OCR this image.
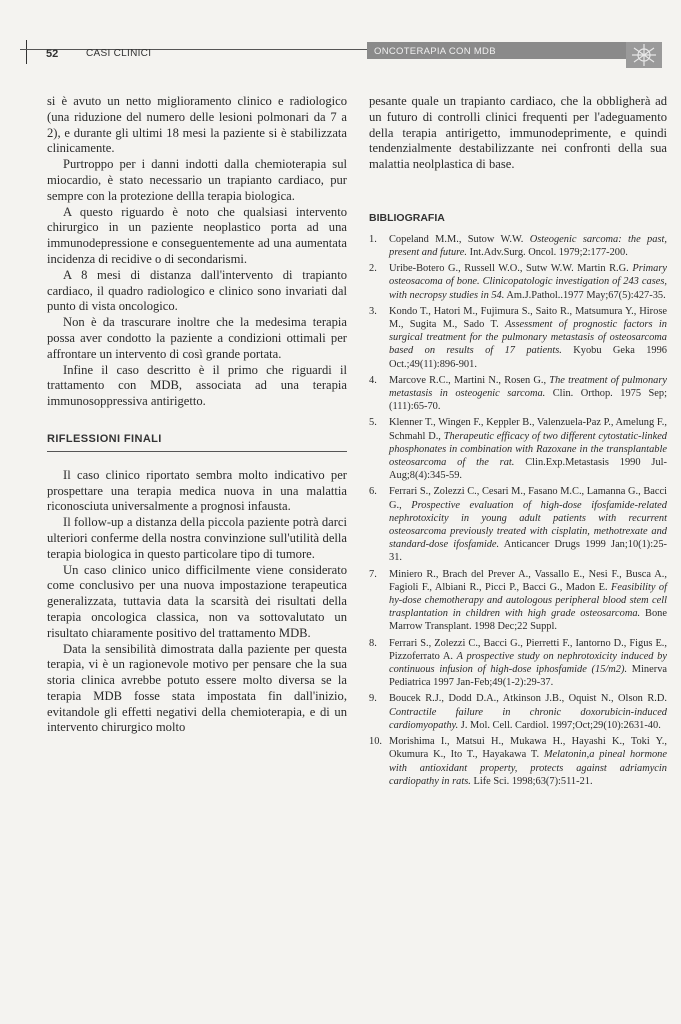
52	CASI CLINICI	ONCOTERAPIA CON MDB

si è avuto un netto miglioramento clinico e radiologico (una riduzione del numero delle lesioni polmonari da 7 a 2), e durante gli ultimi 18 mesi la paziente si è stabilizzata clinicamente.

Purtroppo per i danni indotti dalla chemioterapia sul miocardio, è stato necessario un trapianto cardiaco, pur sempre con la protezione dellla terapia biologica.

A questo riguardo è noto che qualsiasi intervento chirurgico in un paziente neoplastico porta ad una immunodepressione e conseguentemente ad una aumentata incidenza di recidive o di secondarismi.

A 8 mesi di distanza dall'intervento di trapianto cardiaco, il quadro radiologico e clinico sono invariati dal punto di vista oncologico.

Non è da trascurare inoltre che la medesima terapia possa aver condotto la paziente a condizioni ottimali per affrontare un intervento di così grande portata.

Infine il caso descritto è il primo che riguardi il trattamento con MDB, associata ad una terapia immunosoppressiva antirigetto.

RIFLESSIONI FINALI

Il caso clinico riportato sembra molto indicativo per prospettare una terapia medica nuova in una malattia riconosciuta universalmente a prognosi infausta.

Il follow-up a distanza della piccola paziente potrà darci ulteriori conferme della nostra convinzione sull'utilità della terapia biologica in questo particolare tipo di tumore.

Un caso clinico unico difficilmente viene considerato come conclusivo per una nuova impostazione terapeutica generalizzata, tuttavia data la scarsità dei risultati della terapia oncologica classica, non va sottovalutato un risultato chiaramente positivo del trattamento MDB.

Data la sensibilità dimostrata dalla paziente per questa terapia, vi è un ragionevole motivo per pensare che la sua storia clinica avrebbe potuto essere molto diversa se la terapia MDB fosse stata impostata fin dall'inizio, evitandole gli effetti negativi della chemioterapia, e di un intervento chirurgico molto

pesante quale un trapianto cardiaco, che la obbligherà ad un futuro di controlli clinici frequenti per l'adeguamento della terapia antirigetto, immunodeprimente, e quindi tendenzialmente destabilizzante nei confronti della sua malattia neolplastica di base.

BIBLIOGRAFIA
1. Copeland M.M., Sutow W.W. Osteogenic sarcoma: the past, present and future. Int.Adv.Surg. Oncol. 1979;2:177-200.
2. Uribe-Botero G., Russell W.O., Sutw W.W. Martin R.G. Primary osteosacoma of bone. Clinicopatologic investigation of 243 cases, with necropsy studies in 54. Am.J.Pathol..1977 May;67(5):427-35.
3. Kondo T., Hatori M., Fujimura S., Saito R., Matsumura Y., Hirose M., Sugita M., Sado T. Assessment of prognostic factors in surgical treatment for the pulmonary metastasis of osteosarcoma based on results of 17 patients. Kyobu Geka 1996 Oct.;49(11):896-901.
4. Marcove R.C., Martini N., Rosen G., The treatment of pulmonary metastasis in osteogenic sarcoma. Clin. Orthop. 1975 Sep;(111):65-70.
5. Klenner T., Wingen F., Keppler B., Valenzuela-Paz P., Amelung F., Schmahl D., Therapeutic efficacy of two different cytostatic-linked phosphonates in combination with Razoxane in the transplantable osteosarcoma of the rat. Clin.Exp.Metastasis 1990 Jul-Aug;8(4):345-59.
6. Ferrari S., Zolezzi C., Cesari M., Fasano M.C., Lamanna G., Bacci G., Prospective evaluation of high-dose ifosfamide-related nephrotoxicity in young adult patients with recurrent osteosarcoma previously treated with cisplatin, methotrexate and standard-dose ifosfamide. Anticancer Drugs 1999 Jan;10(1):25-31.
7. Miniero R., Brach del Prever A., Vassallo E., Nesi F., Busca A., Fagioli F., Albiani R., Picci P., Bacci G., Madon E. Feasibility of hy-dose chemotherapy and autologous peripheral blood stem cell trasplantation in children with high grade osteosarcoma. Bone Marrow Transplant. 1998 Dec;22 Suppl.
8. Ferrari S., Zolezzi C., Bacci G., Pierretti F., Iantorno D., Figus E., Pizzoferrato A. A prospective study on nephrotoxicity induced by continuous infusion of high-dose iphosfamide (15/m2). Minerva Pediatrica 1997 Jan-Feb;49(1-2):29-37.
9. Boucek R.J., Dodd D.A., Atkinson J.B., Oquist N., Olson R.D. Contractile failure in chronic doxorubicin-induced cardiomyopathy. J. Mol. Cell. Cardiol. 1997;Oct;29(10):2631-40.
10. Morishima I., Matsui H., Mukawa H., Hayashi K., Toki Y., Okumura K., Ito T., Hayakawa T. Melatonin,a pineal hormone with antioxidant property, protects against adriamycin cardiopathy in rats. Life Sci. 1998;63(7):511-21.
